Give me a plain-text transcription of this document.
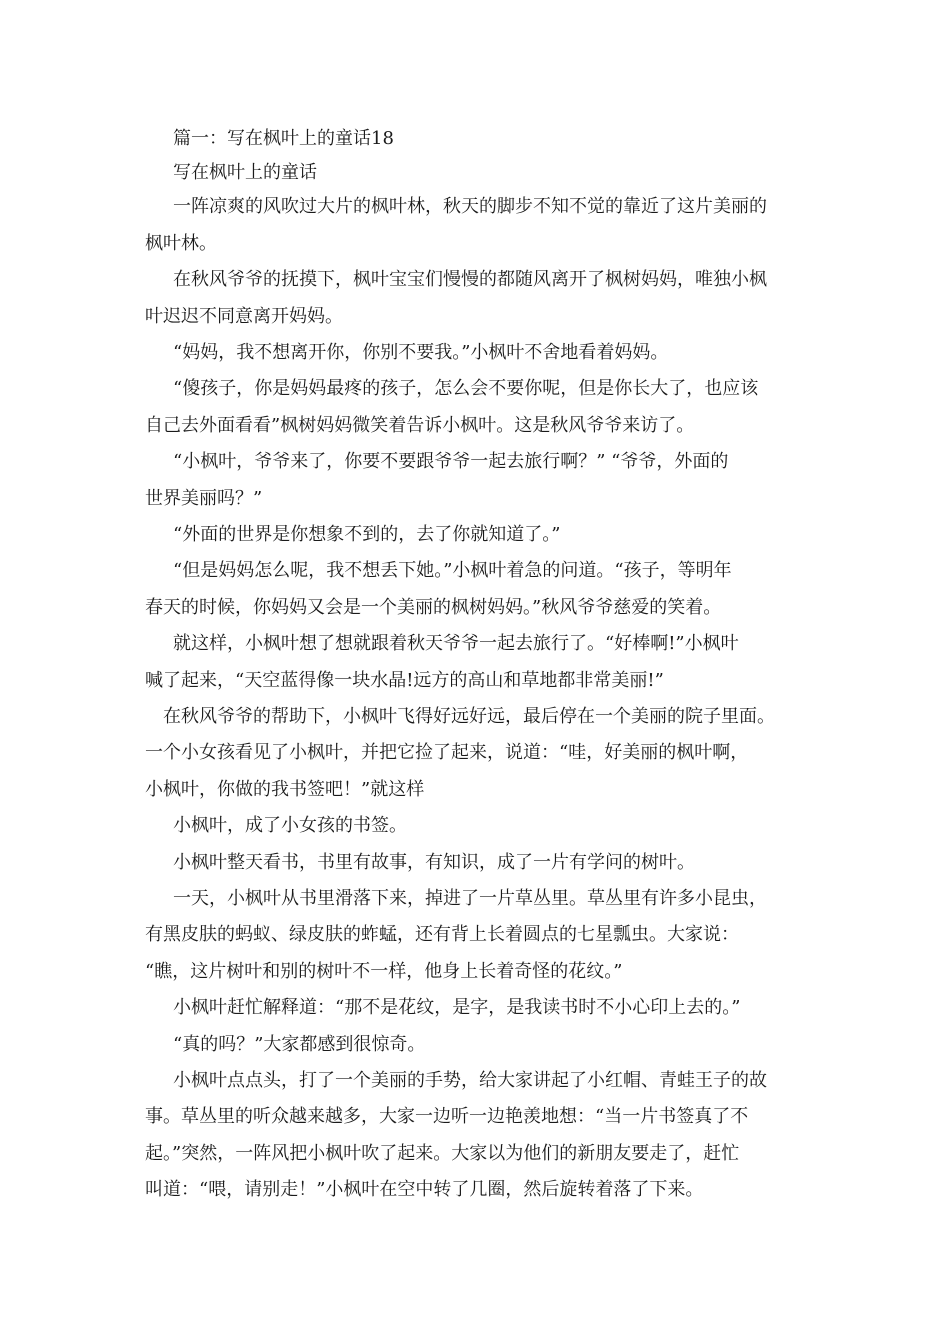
篇一：写在枫叶上的童话18
写在枫叶上的童话
一阵凉爽的风吹过大片的枫叶林，秋天的脚步不知不觉的靠近了这片美丽的
枫叶林。
在秋风爷爷的抚摸下，枫叶宝宝们慢慢的都随风离开了枫树妈妈，唯独小枫
叶迟迟不同意离开妈妈。
“妈妈，我不想离开你，你别不要我。”小枫叶不舍地看着妈妈。
“傻孩子，你是妈妈最疼的孩子，怎么会不要你呢，但是你长大了，也应该
自己去外面看看”枫树妈妈微笑着告诉小枫叶。这是秋风爷爷来访了。
“小枫叶，爷爷来了，你要不要跟爷爷一起去旅行啊？” “爷爷，外面的
世界美丽吗？”
“外面的世界是你想象不到的，去了你就知道了。”
“但是妈妈怎么呢，我不想丢下她。”小枫叶着急的问道。“孩子，等明年
春天的时候，你妈妈又会是一个美丽的枫树妈妈。”秋风爷爷慈爱的笑着。
就这样，小枫叶想了想就跟着秋天爷爷一起去旅行了。“好棒啊!”小枫叶
喊了起来，“天空蓝得像一块水晶!远方的高山和草地都非常美丽!”
在秋风爷爷的帮助下，小枫叶飞得好远好远，最后停在一个美丽的院子里面。
一个小女孩看见了小枫叶，并把它捡了起来，说道：“哇，好美丽的枫叶啊，
小枫叶，你做的我书签吧！”就这样
小枫叶，成了小女孩的书签。
小枫叶整天看书，书里有故事，有知识，成了一片有学问的树叶。
一天，小枫叶从书里滑落下来，掉进了一片草丛里。草丛里有许多小昆虫，
有黑皮肤的蚂蚁、绿皮肤的蚱蜢，还有背上长着圆点的七星瓢虫。大家说：
“瞧，这片树叶和别的树叶不一样，他身上长着奇怪的花纹。”
小枫叶赶忙解释道：“那不是花纹，是字，是我读书时不小心印上去的。”
“真的吗？”大家都感到很惊奇。
小枫叶点点头，打了一个美丽的手势，给大家讲起了小红帽、青蛙王子的故
事。草丛里的听众越来越多，大家一边听一边艳羡地想：“当一片书签真了不
起。”突然，一阵风把小枫叶吹了起来。大家以为他们的新朋友要走了，赶忙
叫道：“喂，请别走！”小枫叶在空中转了几圈，然后旋转着落了下来。
